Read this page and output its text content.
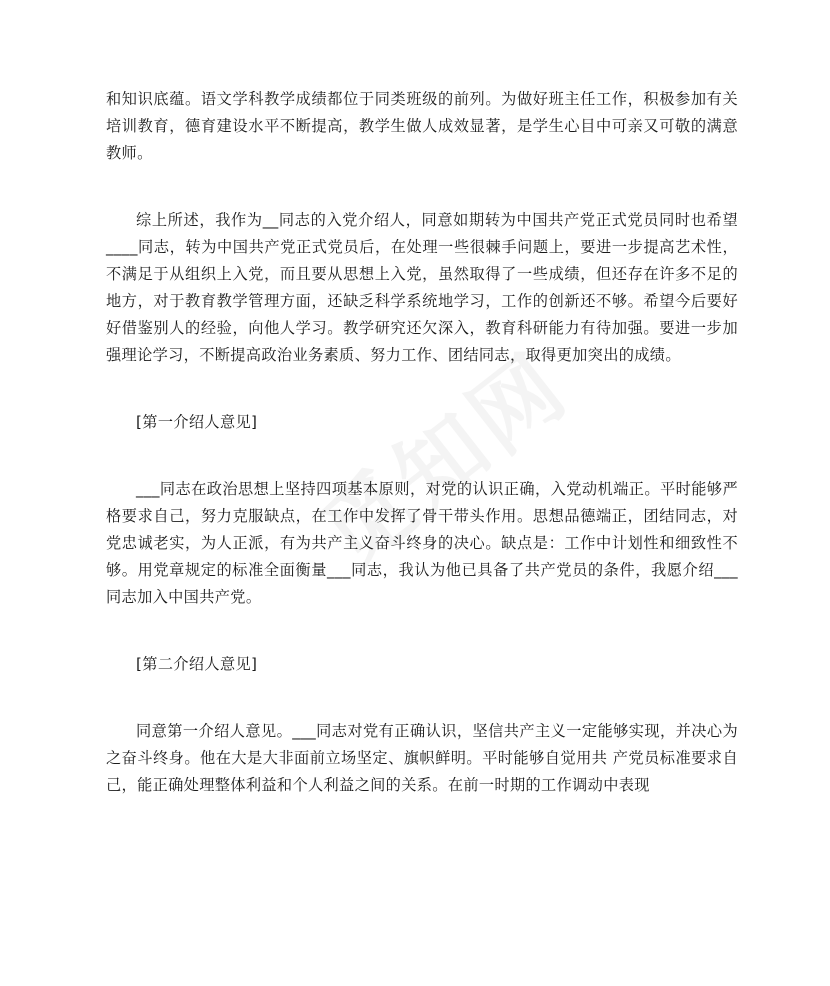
和知识底蕴。语文学科教学成绩都位于同类班级的前列。为做好班主任工作，积极参加有关培训教育，德育建设水平不断提高，教学生做人成效显著，是学生心目中可亲又可敬的满意教师。

综上所述，我作为__同志的入党介绍人，同意如期转为中国共产党正式党员同时也希望____同志，转为中国共产党正式党员后，在处理一些很棘手问题上，要进一步提高艺术性，不满足于从组织上入党，而且要从思想上入党，虽然取得了一些成绩，但还存在许多不足的地方，对于教育教学管理方面，还缺乏科学系统地学习，工作的创新还不够。希望今后要好好借鉴别人的经验，向他人学习。教学研究还欠深入，教育科研能力有待加强。要进一步加强理论学习，不断提高政治业务素质、努力工作、团结同志，取得更加突出的成绩。

[第一介绍人意见]

___同志在政治思想上坚持四项基本原则，对党的认识正确，入党动机端正。平时能够严格要求自己，努力克服缺点，在工作中发挥了骨干带头作用。思想品德端正，团结同志，对党忠诚老实，为人正派，有为共产主义奋斗终身的决心。缺点是：工作中计划性和细致性不够。用党章规定的标准全面衡量___同志，我认为他已具备了共产党员的条件，我愿介绍___同志加入中国共产党。

[第二介绍人意见]

同意第一介绍人意见。___同志对党有正确认识，坚信共产主义一定能够实现，并决心为之奋斗终身。他在大是大非面前立场坚定、旗帜鲜明。平时能够自觉用共 产党员标准要求自己，能正确处理整体利益和个人利益之间的关系。在前一时期的工作调动中表现
